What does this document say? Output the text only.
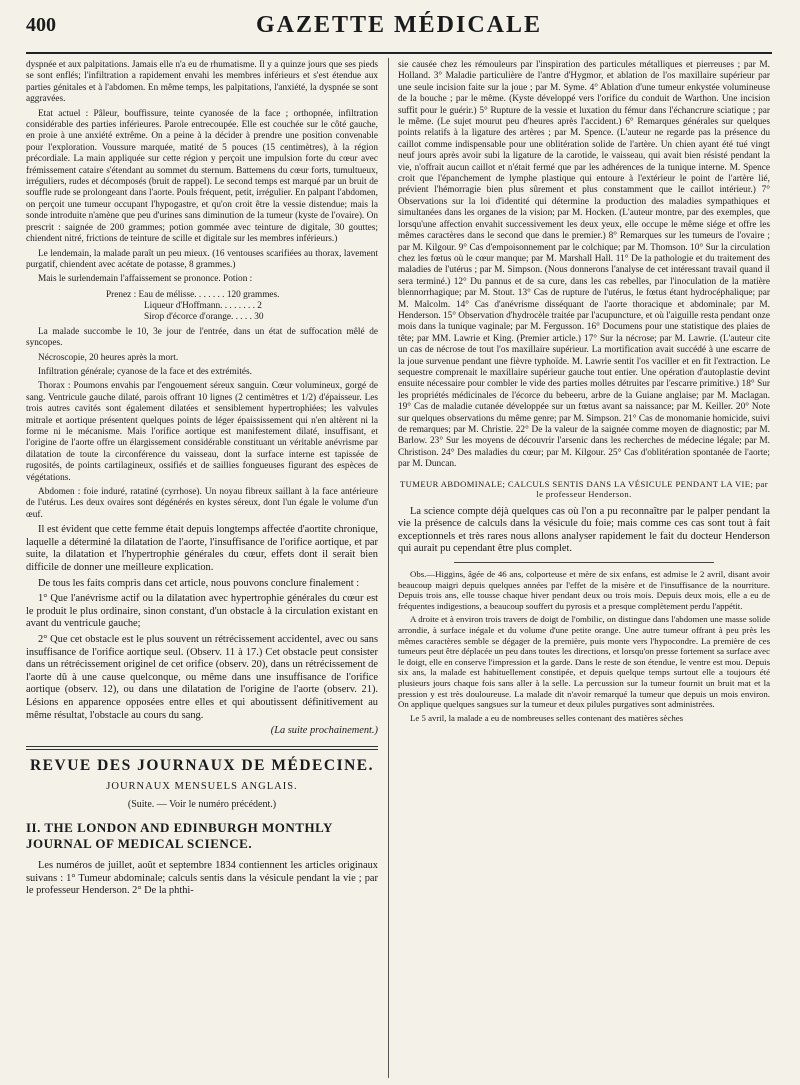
400	GAZETTE MÉDICALE

dyspnée et aux palpitations. Jamais elle n'a eu de rhumatisme. Il y a quinze jours que ses pieds se sont enflés; l'infiltration a rapidement envahi les membres inférieurs et s'est étendue aux parties génitales et à l'abdomen. En même temps, les palpitations, l'anxiété, la dyspnée se sont aggravées.

Etat actuel : Pâleur, bouffissure, teinte cyanosée de la face ; orthopnée, infiltration considérable des parties inférieures. Parole entrecoupée. Elle est couchée sur le côté gauche, en proie à une anxiété extrême. On a peine à la décider à prendre une position convenable pour l'exploration. Voussure marquée, matité de 5 pouces (15 centimètres), à la région précordiale. La main appliquée sur cette région y perçoit une impulsion forte du cœur avec frémissement cataire s'étendant au sommet du sternum. Battemens du cœur forts, tumultueux, irréguliers, rudes et décomposés (bruit de rappel). Le second temps est marqué par un bruit de souffle rude se prolongeant dans l'aorte. Pouls fréquent, petit, irrégulier. En palpant l'abdomen, on perçoit une tumeur occupant l'hypogastre, et qu'on croit être la vessie distendue; mais la sonde introduite n'amène que peu d'urines sans diminution de la tumeur (kyste de l'ovaire). On prescrit : saignée de 200 grammes; potion gommée avec teinture de digitale, 30 gouttes; chiendent nitré, frictions de teinture de scille et digitale sur les membres inférieurs.)

Le lendemain, la malade paraît un peu mieux. (16 ventouses scarifiées au thorax, lavement purgatif, chiendent avec acétate de potasse, 8 grammes.)

Mais le surlendemain l'affaissement se prononce. Potion :

Prenez : Eau de mélisse. . . . . . . 120 grammes.
Liqueur d'Hoffmann. . . . . . . . 2
Sirop d'écorce d'orange. . . . . 30

La malade succombe le 10, 3e jour de l'entrée, dans un état de suffocation mêlé de syncopes.

Nécroscopie, 20 heures après la mort.

Infiltration générale; cyanose de la face et des extrémités.

Thorax : Poumons envahis par l'engouement séreux sanguin. Cœur volumineux, gorgé de sang. Ventricule gauche dilaté, parois offrant 10 lignes (2 centimètres et 1/2) d'épaisseur. Les trois autres cavités sont également dilatées et sensiblement hypertrophiées; les valvules mitrale et aortique présentent quelques points de léger épaississement qui n'en altèrent ni la forme ni le mécanisme. Mais l'orifice aortique est manifestement dilaté, insuffisant, et l'origine de l'aorte offre un élargissement considérable constituant un véritable anévrisme par dilatation de toute la circonférence du vaisseau, dont la surface interne est tapissée de rugosités, de points cartilagineux, ossifiés et de saillies fongueuses figurant des espèces de végétations.

Abdomen : foie induré, ratatiné (cyrrhose). Un noyau fibreux saillant à la face antérieure de l'utérus. Les deux ovaires sont dégénérés en kystes séreux, dont l'un égale le volume d'un œuf.

Il est évident que cette femme était depuis longtemps affectée d'aortite chronique, laquelle a déterminé la dilatation de l'aorte, l'insuffisance de l'orifice aortique, et par suite, la dilatation et l'hypertrophie générales du cœur, effets dont il serait bien difficile de donner une meilleure explication.

De tous les faits compris dans cet article, nous pouvons conclure finalement :

1° Que l'anévrisme actif ou la dilatation avec hypertrophie générales du cœur est le produit le plus ordinaire, sinon constant, d'un obstacle à la circulation existant en avant du ventricule gauche;

2° Que cet obstacle est le plus souvent un rétrécissement accidentel, avec ou sans insuffisance de l'orifice aortique seul. (Observ. 11 à 17.) Cet obstacle peut consister dans un rétrécissement originel de cet orifice (observ. 20), dans un rétrécissement de l'aorte dû à une cause quelconque, ou même dans une insuffisance de l'orifice aortique (observ. 12), ou dans une dilatation de l'origine de l'aorte (observ. 21). Lésions en apparence opposées entre elles et qui aboutissent définitivement au même résultat, l'obstacle au cours du sang.

(La suite prochainement.)

REVUE DES JOURNAUX DE MÉDECINE.
JOURNAUX MENSUELS ANGLAIS.
(Suite. — Voir le numéro précédent.)
II. THE LONDON AND EDINBURGH MONTHLY JOURNAL OF MEDICAL SCIENCE.

Les numéros de juillet, août et septembre 1834 contiennent les articles originaux suivans : 1° Tumeur abdominale; calculs sentis dans la vésicule pendant la vie ; par le professeur Henderson. 2° De la phthi-

sie causée chez les rémouleurs par l'inspiration des particules métalliques et pierreuses ; par M. Holland. 3° Maladie particulière de l'antre d'Hygmor, et ablation de l'os maxillaire supérieur par une seule incision faite sur la joue ; par M. Syme. 4° Ablation d'une tumeur enkystée volumineuse de la bouche ; par le même. (Kyste développé vers l'orifice du conduit de Warthon. Une incision suffit pour le guérir.) 5° Rupture de la vessie et luxation du fémur dans l'échancrure sciatique ; par le même. (Le sujet mourut peu d'heures après l'accident.) 6° Remarques générales sur quelques points relatifs à la ligature des artères ; par M. Spence. (L'auteur ne regarde pas la présence du caillot comme indispensable pour une oblitération solide de l'artère. Un chien ayant été tué vingt neuf jours après avoir subi la ligature de la carotide, le vaisseau, qui avait bien résisté pendant la vie, n'offrait aucun caillot et n'était fermé que par les adhérences de la tunique interne. M. Spence croit que l'épanchement de lymphe plastique qui entoure à l'extérieur le point de l'artère lié, prévient l'hémorragie bien plus sûrement et plus constamment que le caillot intérieur.) 7° Observations sur la loi d'identité qui détermine la production des maladies sympathiques et simultanées dans les organes de la vision; par M. Hocken. (L'auteur montre, par des exemples, que lorsqu'une affection envahit successivement les deux yeux, elle occupe le même siége et offre les mêmes caractères dans le second que dans le premier.) 8° Remarques sur les tumeurs de l'ovaire ; par M. Kilgour. 9° Cas d'empoisonnement par le colchique; par M. Thomson. 10° Sur la circulation chez les fœtus où le cœur manque; par M. Marshall Hall. 11° De la pathologie et du traitement des maladies de l'utérus ; par M. Simpson. (Nous donnerons l'analyse de cet intéressant travail quand il sera terminé.) 12° Du pannus et de sa cure, dans les cas rebelles, par l'inoculation de la matière blennorrhagique; par M. Stout. 13° Cas de rupture de l'utérus, le fœtus étant hydrocéphalique; par M. Malcolm. 14° Cas d'anévrisme disséquant de l'aorte thoracique et abdominale; par M. Henderson. 15° Observation d'hydrocèle traitée par l'acupuncture, et où l'aiguille resta pendant onze mois dans la tunique vaginale; par M. Fergusson. 16° Documens pour une statistique des plaies de tête; par MM. Lawrie et King. (Premier article.) 17° Sur la nécrose; par M. Lawrie. (L'auteur cite un cas de nécrose de tout l'os maxillaire supérieur. La mortification avait succédé à une escarre de la joue survenue pendant une fièvre typhoïde. M. Lawrie sentit l'os vaciller et en fit l'extraction. Le sequestre comprenait le maxillaire supérieur gauche tout entier. Une opération d'autoplastie devint ensuite nécessaire pour combler le vide des parties molles détruites par l'escarre primitive.) 18° Sur les propriétés médicinales de l'écorce du bebeeru, arbre de la Guiane anglaise; par M. Maclagan. 19° Cas de maladie cutanée développée sur un fœtus avant sa naissance; par M. Keiller. 20° Note sur quelques observations du même genre; par M. Simpson. 21° Cas de monomanie homicide, suivi de remarques; par M. Christie. 22° De la valeur de la saignée comme moyen de diagnostic; par M. Barlow. 23° Sur les moyens de découvrir l'arsenic dans les recherches de médecine légale; par M. Christison. 24° Des maladies du cœur; par M. Kilgour. 25° Cas d'oblitération spontanée de l'aorte; par M. Duncan.

TUMEUR ABDOMINALE; CALCULS SENTIS DANS LA VÉSICULE PENDANT LA VIE; par le professeur Henderson.

La science compte déjà quelques cas où l'on a pu reconnaître par le palper pendant la vie la présence de calculs dans la vésicule du foie; mais comme ces cas sont tout à fait exceptionnels et très rares nous allons analyser rapidement le fait du docteur Henderson qui aurait pu cependant être plus complet.

Obs.—Higgins, âgée de 46 ans, colporteuse et mère de six enfans, est admise le 2 avril, disant avoir beaucoup maigri depuis quelques années par l'effet de la misère et de l'insuffisance de la nourriture. Depuis trois ans, elle tousse chaque hiver pendant deux ou trois mois. Depuis deux mois, elle a eu de fréquentes indigestions, a beaucoup souffert du pyrosis et a presque complètement perdu l'appétit.

A droite et à environ trois travers de doigt de l'ombilic, on distingue dans l'abdomen une masse solide arrondie, à surface inégale et du volume d'une petite orange. Une autre tumeur offrant à peu près les mêmes caractères semble se dégager de la première, puis monte vers l'hypocondre. La première de ces tumeurs peut être déplacée un peu dans toutes les directions, et lorsqu'on presse fortement sa surface avec le doigt, elle en conserve l'impression et la garde. Dans le reste de son étendue, le ventre est mou. Depuis six ans, la malade est habituellement constipée, et depuis quelque temps surtout elle a toujours été plusieurs jours chaque fois sans aller à la selle. La percussion sur la tumeur fournit un bruit mat et la pression y est très douloureuse. La malade dit n'avoir remarqué la tumeur que depuis un mois environ. On applique quelques sangsues sur la tumeur et deux pilules purgatives sont administrées.

Le 5 avril, la malade a eu de nombreuses selles contenant des matières sèches
